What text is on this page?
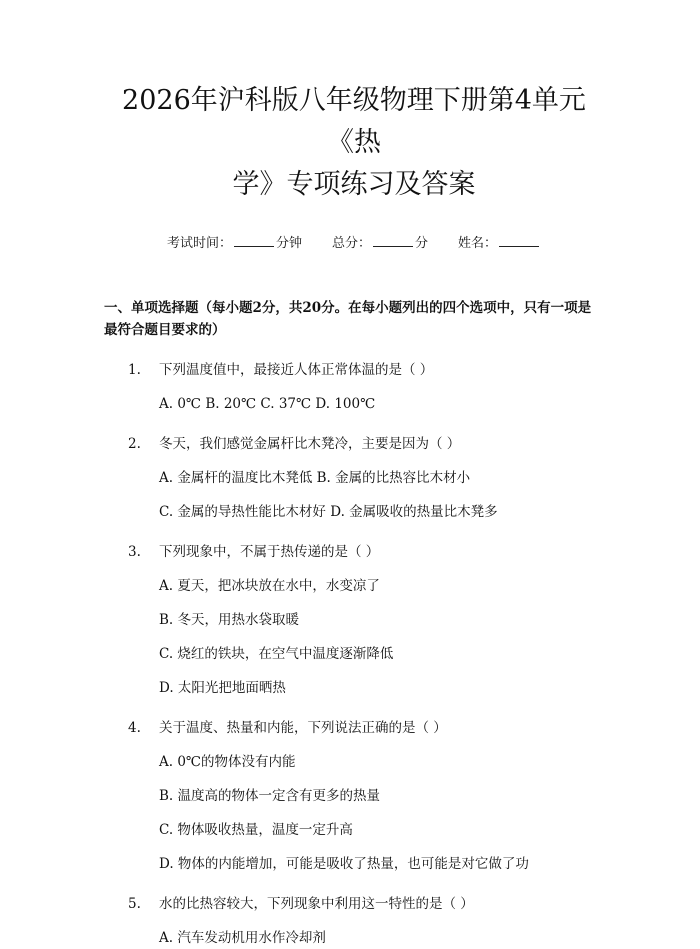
2026年沪科版八年级物理下册第4单元《热
学》专项练习及答案
考试时间：	分钟 总分：	分 姓名：
一、单项选择题（每小题2分，共20分。在每小题列出的四个选项中，只有一项是最符合题目要求的）
1.	下列温度值中，最接近人体正常体温的是（ ）
A. 0℃ B. 20℃ C. 37℃ D. 100℃
2.	冬天，我们感觉金属杆比木凳冷，主要是因为（ ）
A. 金属杆的温度比木凳低 B. 金属的比热容比木材小
C. 金属的导热性能比木材好 D. 金属吸收的热量比木凳多
3.	下列现象中，不属于热传递的是（ ）
A. 夏天，把冰块放在水中，水变凉了
B. 冬天，用热水袋取暖
C. 烧红的铁块，在空气中温度逐渐降低
D. 太阳光把地面晒热
4.	关于温度、热量和内能，下列说法正确的是（ ）
A. 0℃的物体没有内能
B. 温度高的物体一定含有更多的热量
C. 物体吸收热量，温度一定升高
D. 物体的内能增加，可能是吸收了热量，也可能是对它做了功
5.	水的比热容较大，下列现象中利用这一特性的是（ ）
A. 汽车发动机用水作冷却剂
